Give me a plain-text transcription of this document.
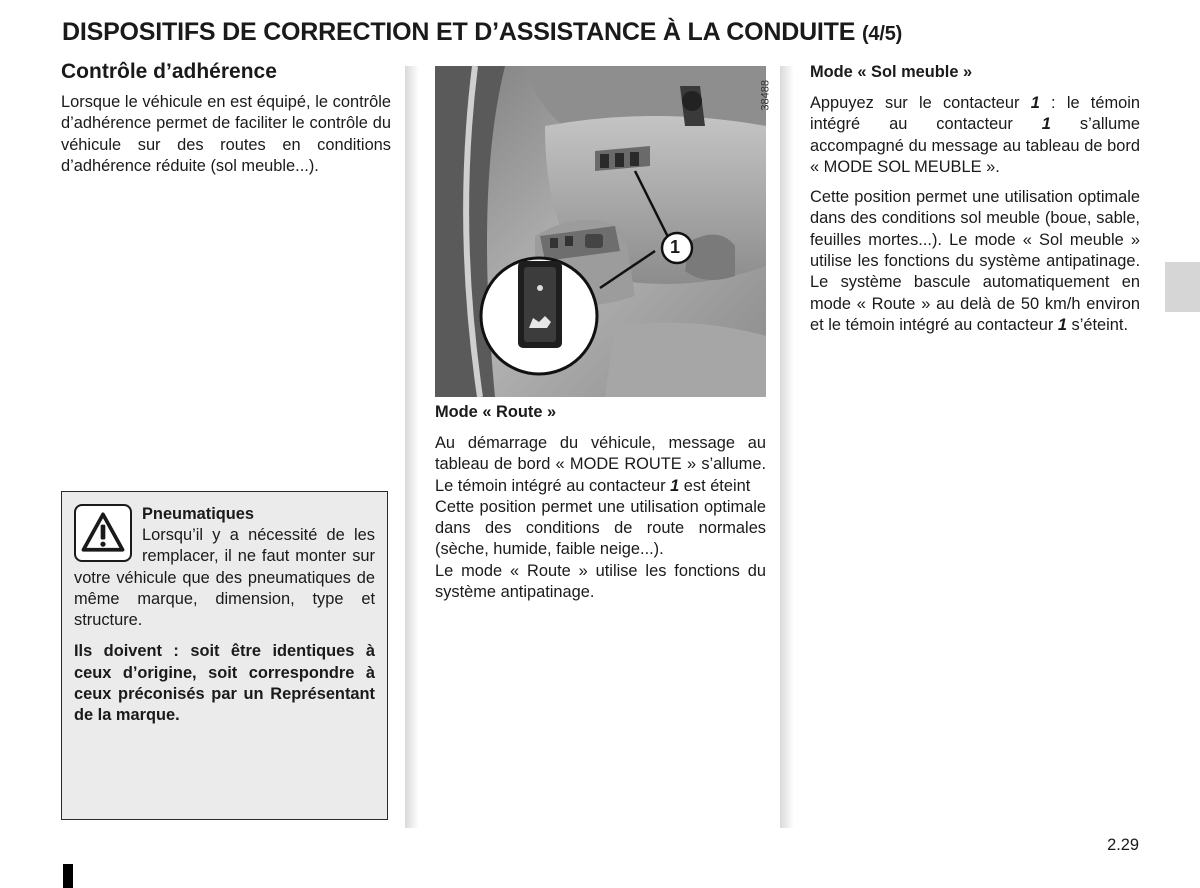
DISPOSITIFS DE CORRECTION ET D’ASSISTANCE À LA CONDUITE (4/5)
Contrôle d’adhérence

Lorsque le véhicule en est équipé, le contrôle d’adhérence permet de faciliter le contrôle du véhicule sur des routes en conditions d’adhérence réduite (sol meuble...).

Pneumatiques

Lorsqu’il y a nécessité de les remplacer, il ne faut monter sur votre véhicule que des pneumatiques de même marque, dimension, type et structure.

Ils doivent : soit être identiques à ceux d’origine, soit correspondre à ceux préconisés par un Représentant de la marque.

1
38488

Mode « Route »

Au démarrage du véhicule, message au tableau de bord « MODE ROUTE » s’allume. Le témoin intégré au contacteur 1 est éteint

Cette position permet une utilisation optimale dans des conditions de route normales (sèche, humide, faible neige...).

Le mode « Route » utilise les fonctions du système antipatinage.

Mode « Sol meuble »

Appuyez sur le contacteur 1 : le témoin intégré au contacteur 1 s’allume accompagné du message au tableau de bord « MODE SOL MEUBLE ».

Cette position permet une utilisation optimale dans des conditions sol meuble (boue, sable, feuilles mortes...). Le mode « Sol meuble » utilise les fonctions du système antipatinage. Le système bascule automatiquement en mode « Route » au delà de 50 km/h environ et le témoin intégré au contacteur 1 s’éteint.

2.29
